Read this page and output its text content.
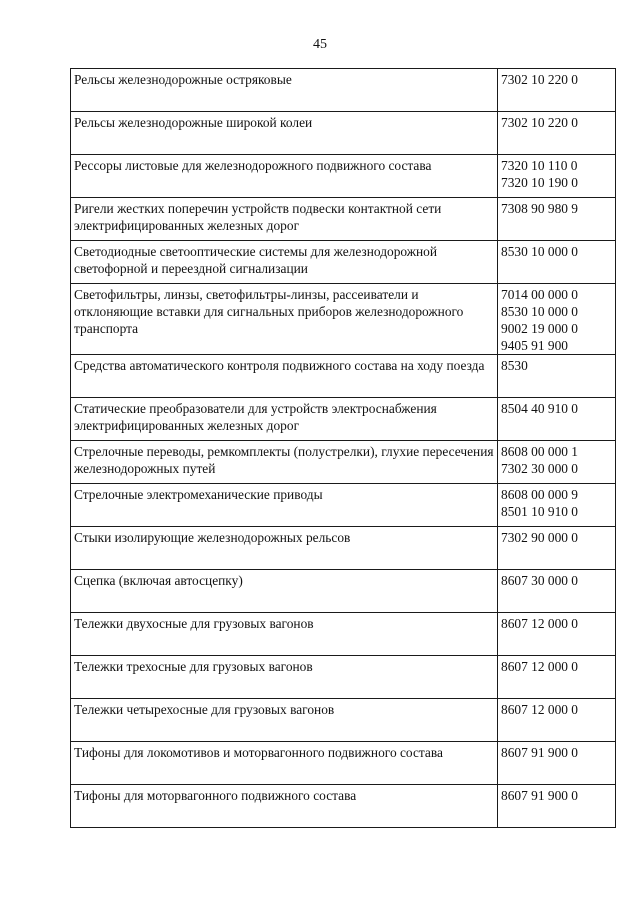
45
Рельсы железнодорожные остряковые	7302 10 220 0

Рельсы железнодорожные широкой колеи	7302 10 220 0

Рессоры листовые для железнодорожного подвижного состава	7320 10 110 0
7320 10 190 0

Ригели жестких поперечин устройств подвески контактной сети электрифицированных железных дорог	7308 90 980 9

Светодиодные светооптические системы для железнодорожной светофорной и переездной сигнализации	8530 10 000 0

Светофильтры, линзы, светофильтры-линзы, рассеиватели и отклоняющие вставки для сигнальных приборов железнодорожного транспорта	7014 00 000 0
8530 10 000 0
9002 19 000 0
9405 91 900

Средства автоматического контроля подвижного состава на ходу поезда	8530

Статические преобразователи для устройств электроснабжения электрифицированных железных дорог	8504 40 910 0

Стрелочные переводы, ремкомплекты (полустрелки), глухие пересечения железнодорожных путей	8608 00 000 1
7302 30 000 0

Стрелочные электромеханические приводы	8608 00 000 9
8501 10 910 0

Стыки изолирующие железнодорожных рельсов	7302 90 000 0

Сцепка (включая автосцепку)	8607 30 000 0

Тележки двухосные для грузовых вагонов	8607 12 000 0

Тележки трехосные для грузовых вагонов	8607 12 000 0

Тележки четырехосные для грузовых вагонов	8607 12 000 0

Тифоны для локомотивов и моторвагонного подвижного состава	8607 91 900 0

Тифоны для моторвагонного подвижного состава	8607 91 900 0
